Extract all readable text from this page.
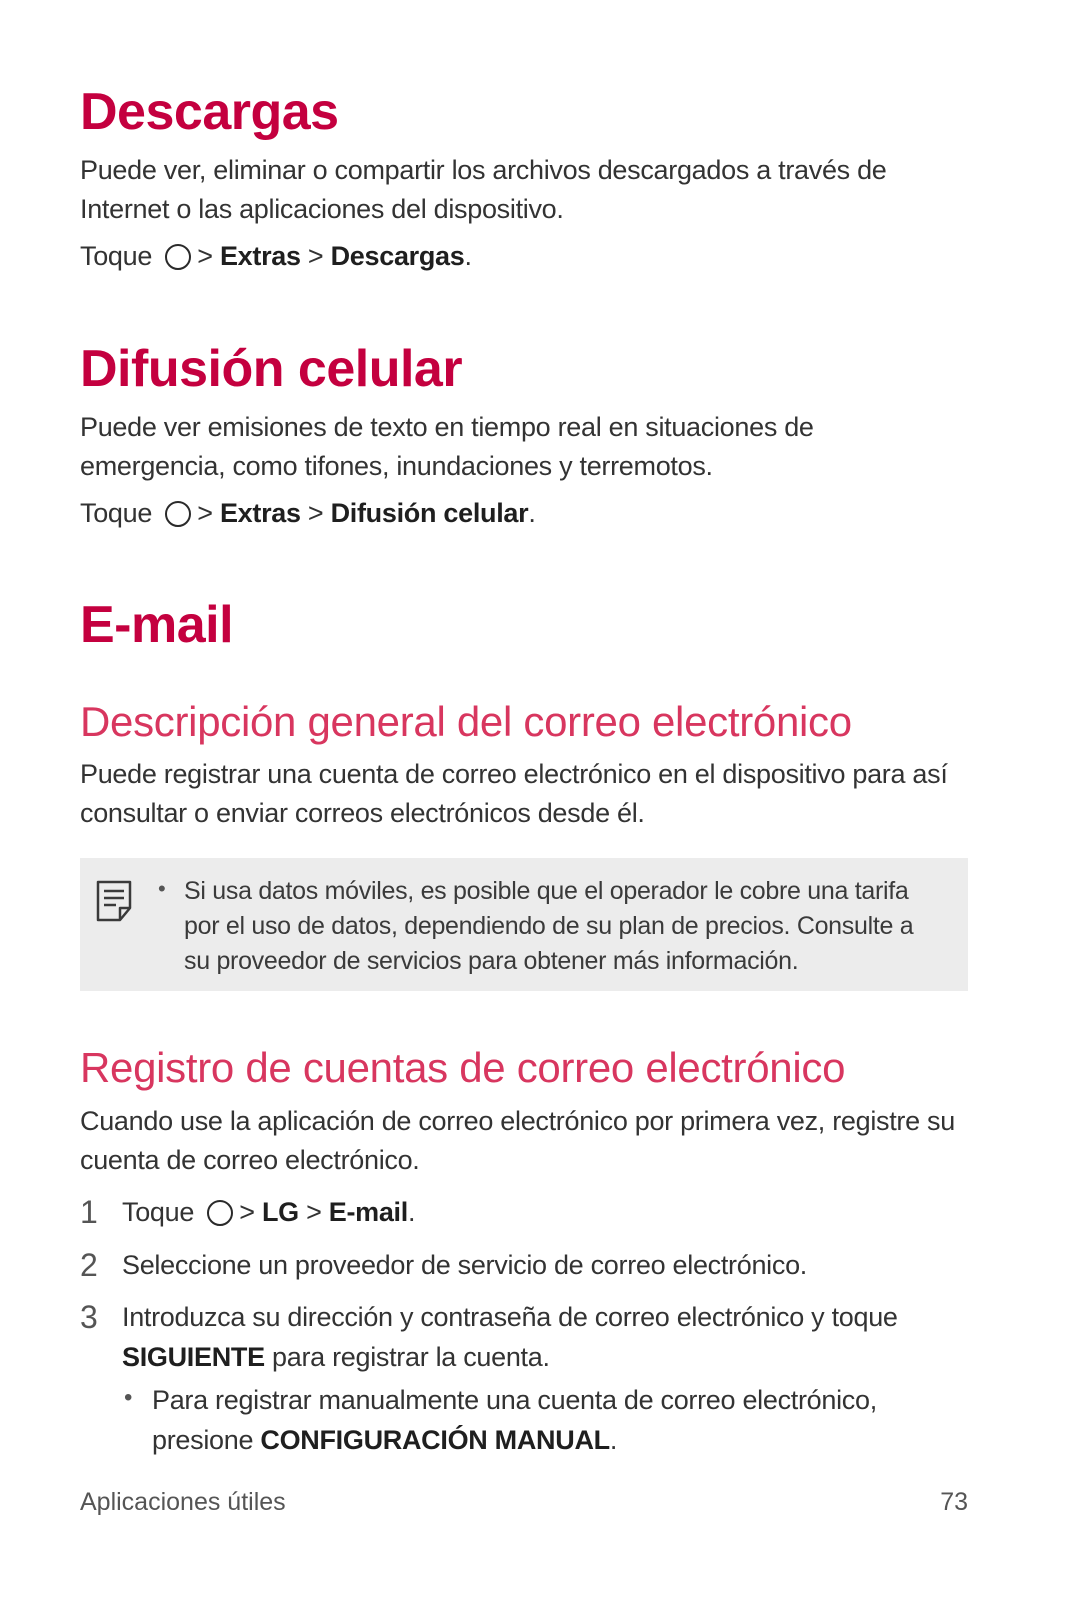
Descargas

Puede ver, eliminar o compartir los archivos descargados a través de Internet o las aplicaciones del dispositivo.

Toque > Extras > Descargas.

Difusión celular

Puede ver emisiones de texto en tiempo real en situaciones de emergencia, como tifones, inundaciones y terremotos.

Toque > Extras > Difusión celular.

E-mail
Descripción general del correo electrónico

Puede registrar una cuenta de correo electrónico en el dispositivo para así consultar o enviar correos electrónicos desde él.

• Si usa datos móviles, es posible que el operador le cobre una tarifa por el uso de datos, dependiendo de su plan de precios. Consulte a su proveedor de servicios para obtener más información.
Registro de cuentas de correo electrónico

Cuando use la aplicación de correo electrónico por primera vez, registre su cuenta de correo electrónico.

1 Toque > LG > E-mail.
2 Seleccione un proveedor de servicio de correo electrónico.
3 Introduzca su dirección y contraseña de correo electrónico y toque SIGUIENTE para registrar la cuenta.
• Para registrar manualmente una cuenta de correo electrónico, presione CONFIGURACIÓN MANUAL.
Aplicaciones útiles	73
